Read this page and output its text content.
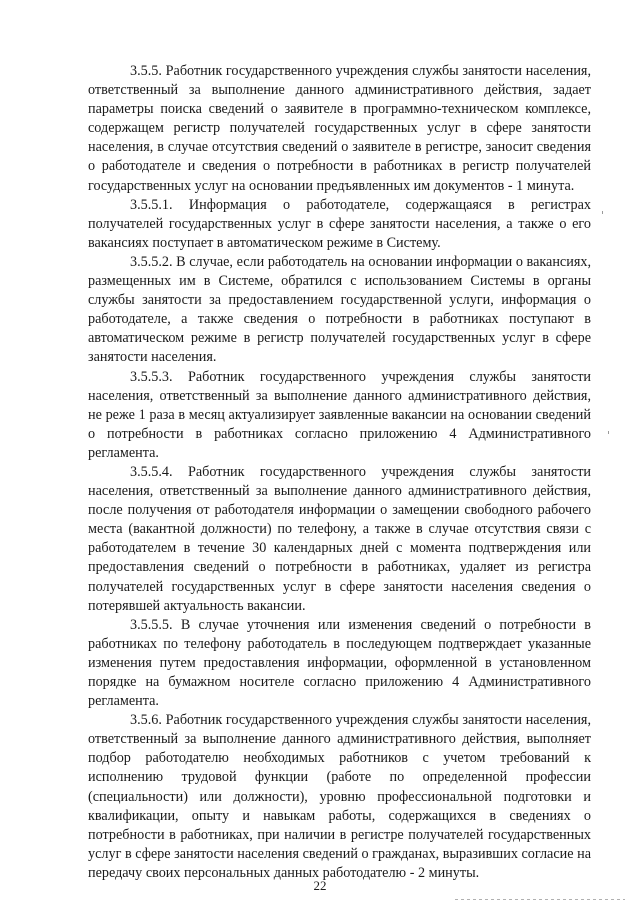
3.5.5. Работник государственного учреждения службы занятости населения, ответственный за выполнение данного административного действия, задает параметры поиска сведений о заявителе в программно-техническом комплексе, содержащем регистр получателей государственных услуг в сфере занятости населения, в случае отсутствия сведений о заявителе в регистре, заносит сведения о работодателе и сведения о потребности в работниках в регистр получателей государственных услуг на основании предъявленных им документов - 1 минута.

3.5.5.1. Информация о работодателе, содержащаяся в регистрах получателей государственных услуг в сфере занятости населения, а также о его вакансиях поступает в автоматическом режиме в Систему.

3.5.5.2. В случае, если работодатель на основании информации о вакансиях, размещенных им в Системе, обратился с использованием Системы в органы службы занятости за предоставлением государственной услуги, информация о работодателе, а также сведения о потребности в работниках поступают в автоматическом режиме в регистр получателей государственных услуг в сфере занятости населения.

3.5.5.3. Работник государственного учреждения службы занятости населения, ответственный за выполнение данного административного действия, не реже 1 раза в месяц актуализирует заявленные вакансии на основании сведений о потребности в работниках согласно приложению 4 Административного регламента.

3.5.5.4. Работник государственного учреждения службы занятости населения, ответственный за выполнение данного административного действия, после получения от работодателя информации о замещении свободного рабочего места (вакантной должности) по телефону, а также в случае отсутствия связи с работодателем в течение 30 календарных дней с момента подтверждения или предоставления сведений о потребности в работниках, удаляет из регистра получателей государственных услуг в сфере занятости населения сведения о потерявшей актуальность вакансии.

3.5.5.5. В случае уточнения или изменения сведений о потребности в работниках по телефону работодатель в последующем подтверждает указанные изменения путем предоставления информации, оформленной в установленном порядке на бумажном носителе согласно приложению 4 Административного регламента.

3.5.6. Работник государственного учреждения службы занятости населения, ответственный за выполнение данного административного действия, выполняет подбор работодателю необходимых работников с учетом требований к исполнению трудовой функции (работе по определенной профессии (специальности) или должности), уровню профессиональной подготовки и квалификации, опыту и навыкам работы, содержащихся в сведениях о потребности в работниках, при наличии в регистре получателей государственных услуг в сфере занятости населения сведений о гражданах, выразивших согласие на передачу своих персональных данных работодателю - 2 минуты.

22
